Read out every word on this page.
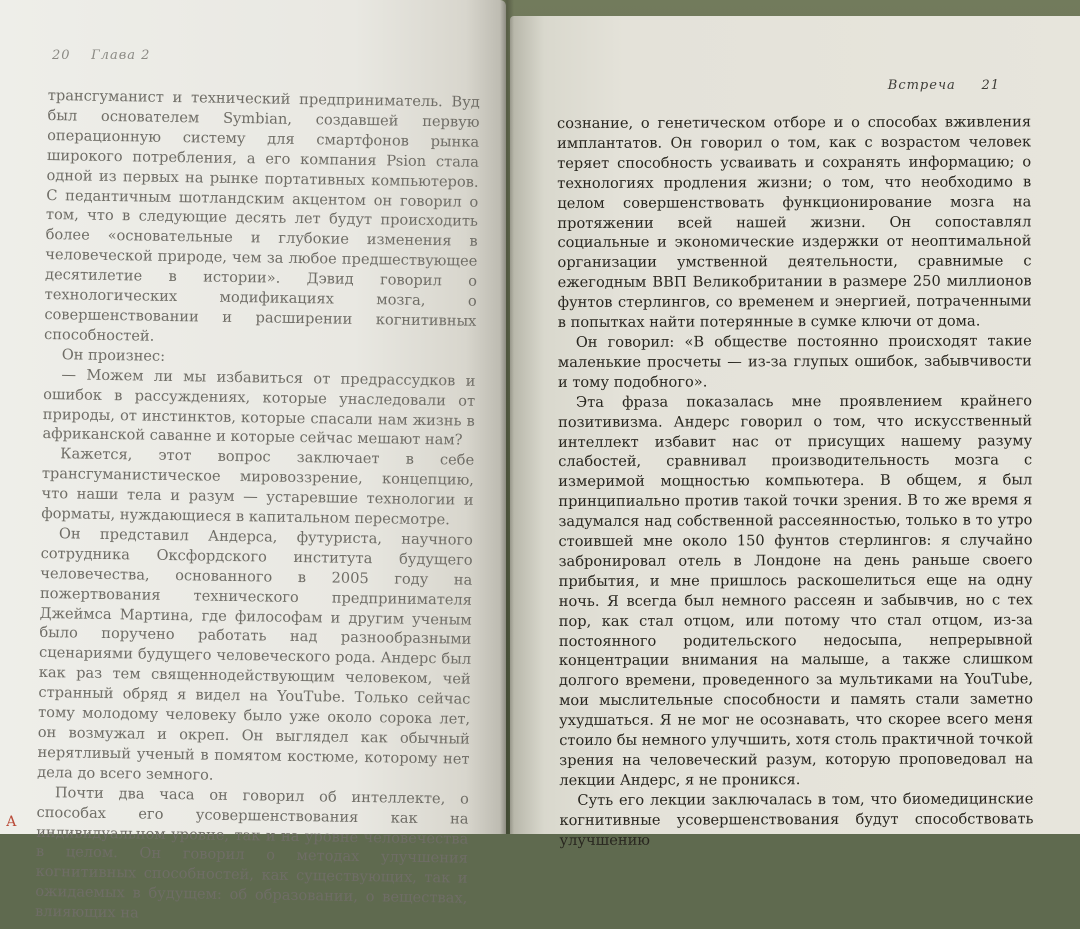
20 Глава 2

трансгуманист и технический предприниматель. Вуд был основателем Symbian, создавшей первую операционную систему для смартфонов рынка широкого потребления, а его компания Psion стала одной из первых на рынке портативных компьютеров. С педантичным шотландским акцентом он говорил о том, что в следующие десять лет будут происходить более «основательные и глубокие изменения в человеческой природе, чем за любое предшествующее десятилетие в истории». Дэвид говорил о технологических модификациях мозга, о совершенствовании и расширении когнитивных способностей.

Он произнес:

— Можем ли мы избавиться от предрассудков и ошибок в рассуждениях, которые унаследовали от природы, от инстинктов, которые спасали нам жизнь в африканской саванне и которые сейчас мешают нам?

Кажется, этот вопрос заключает в себе трансгуманистическое мировоззрение, концепцию, что наши тела и разум — устаревшие технологии и форматы, нуждающиеся в капитальном пересмотре.

Он представил Андерса, футуриста, научного сотрудника Оксфордского института будущего человечества, основанного в 2005 году на пожертвования технического предпринимателя Джеймса Мартина, где философам и другим ученым было поручено работать над разнообразными сценариями будущего человеческого рода. Андерс был как раз тем священнодействующим человеком, чей странный обряд я видел на YouTube. Только сейчас тому молодому человеку было уже около сорока лет, он возмужал и окреп. Он выглядел как обычный нерятливый ученый в помятом костюме, которому нет дела до всего земного.

Почти два часа он говорил об интеллекте, о способах его усовершенствования как на индивидуальном уровне, так и на уровне человечества в целом. Он говорил о методах улучшения когнитивных способностей, как существующих, так и ожидаемых в будущем: об образовании, о веществах, влияющих на

А
Встреча 21

сознание, о генетическом отборе и о способах вживления имплантатов. Он говорил о том, как с возрастом человек теряет способность усваивать и сохранять информацию; о технологиях продления жизни; о том, что необходимо в целом совершенствовать функционирование мозга на протяжении всей нашей жизни. Он сопоставлял социальные и экономические издержки от неоптимальной организации умственной деятельности, сравнимые с ежегодным ВВП Великобритании в размере 250 миллионов фунтов стерлингов, со временем и энергией, потраченными в попытках найти потерянные в сумке ключи от дома.

Он говорил: «В обществе постоянно происходят такие маленькие просчеты — из-за глупых ошибок, забывчивости и тому подобного».

Эта фраза показалась мне проявлением крайнего позитивизма. Андерс говорил о том, что искусственный интеллект избавит нас от присущих нашему разуму слабостей, сравнивал производительность мозга с измеримой мощностью компьютера. В общем, я был принципиально против такой точки зрения. В то же время я задумался над собственной рассеянностью, только в то утро стоившей мне около 150 фунтов стерлингов: я случайно забронировал отель в Лондоне на день раньше своего прибытия, и мне пришлось раскошелиться еще на одну ночь. Я всегда был немного рассеян и забывчив, но с тех пор, как стал отцом, или потому что стал отцом, из-за постоянного родительского недосыпа, непрерывной концентрации внимания на малыше, а также слишком долгого времени, проведенного за мультиками на YouTube, мои мыслительные способности и память стали заметно ухудшаться. Я не мог не осознавать, что скорее всего меня стоило бы немного улучшить, хотя столь практичной точкой зрения на человеческий разум, которую проповедовал на лекции Андерс, я не проникся.

Суть его лекции заключалась в том, что биомедицинские когнитивные усовершенствования будут способствовать улучшению
